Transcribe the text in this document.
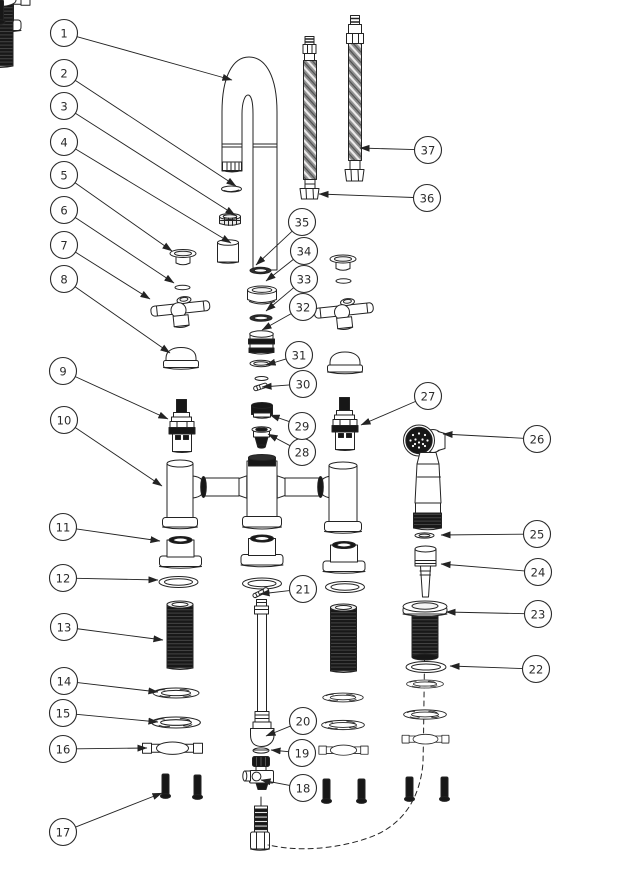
1
2
3
4
5
6
7
8
9
10
11
12
13
14
15
16
17
18
19
20
21
22
23
24
25
26
27
28
29
30
31
32
33
34
35
36
37
